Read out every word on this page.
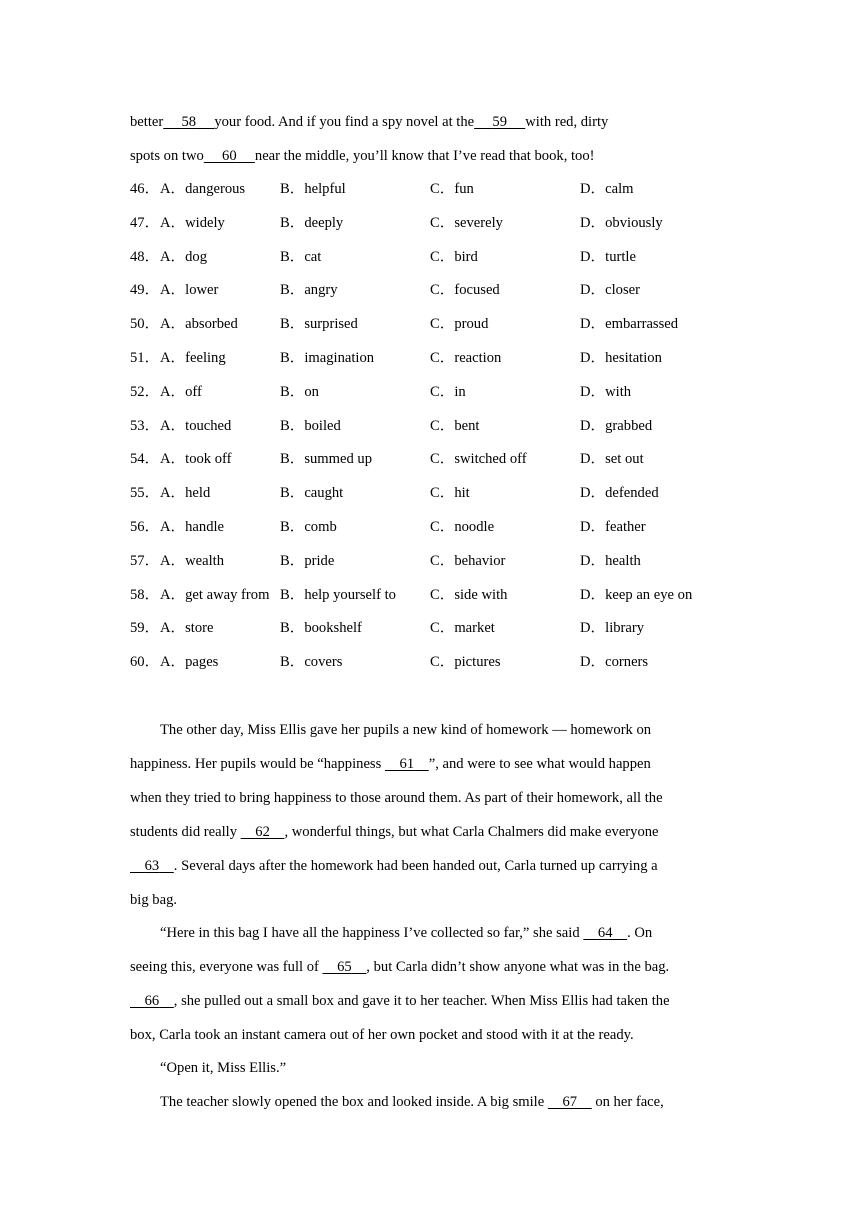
better 58 your food. And if you find a spy novel at the 59 with red, dirty
spots on two 60 near the middle, you’ll know that I’ve read that book, too!
46． A．dangerous B．helpful	C．fun	D．calm
47． A．widely	B．deeply	C．severely	D．obviously
48． A．dog	B．cat	C．bird	D．turtle
49． A．lower	B．angry	C．focused	D．closer
50． A．absorbed	B．surprised	C．proud	D．embarrassed
51． A．feeling	B．imagination	C．reaction	D．hesitation
52． A．off	B．on	C．in	D．with
53． A．touched	B．boiled	C．bent	D．grabbed
54． A．took off	B．summed up	C．switched off	D．set out
55． A．held	B．caught	C．hit	D．defended
56． A．handle	B．comb	C．noodle	D．feather
57． A．wealth	B．pride	C．behavior	D．health
58． A．get away from B．help yourself to C．side with	D．keep an eye on
59． A．store	B．bookshelf	C．market	D．library
60． A．pages	B．covers	C．pictures	D．corners
The other day, Miss Ellis gave her pupils a new kind of homework — homework on
happiness. Her pupils would be “happiness 61 ”, and were to see what would happen
when they tried to bring happiness to those around them. As part of their homework, all the
students did really 62 , wonderful things, but what Carla Chalmers did make everyone
63 . Several days after the homework had been handed out, Carla turned up carrying a
big bag.
“Here in this bag I have all the happiness I’ve collected so far,” she said 64 . On
seeing this, everyone was full of 65 , but Carla didn’t show anyone what was in the bag.
66 , she pulled out a small box and gave it to her teacher. When Miss Ellis had taken the
box, Carla took an instant camera out of her own pocket and stood with it at the ready.
“Open it, Miss Ellis.”
The teacher slowly opened the box and looked inside. A big smile 67 on her face,
